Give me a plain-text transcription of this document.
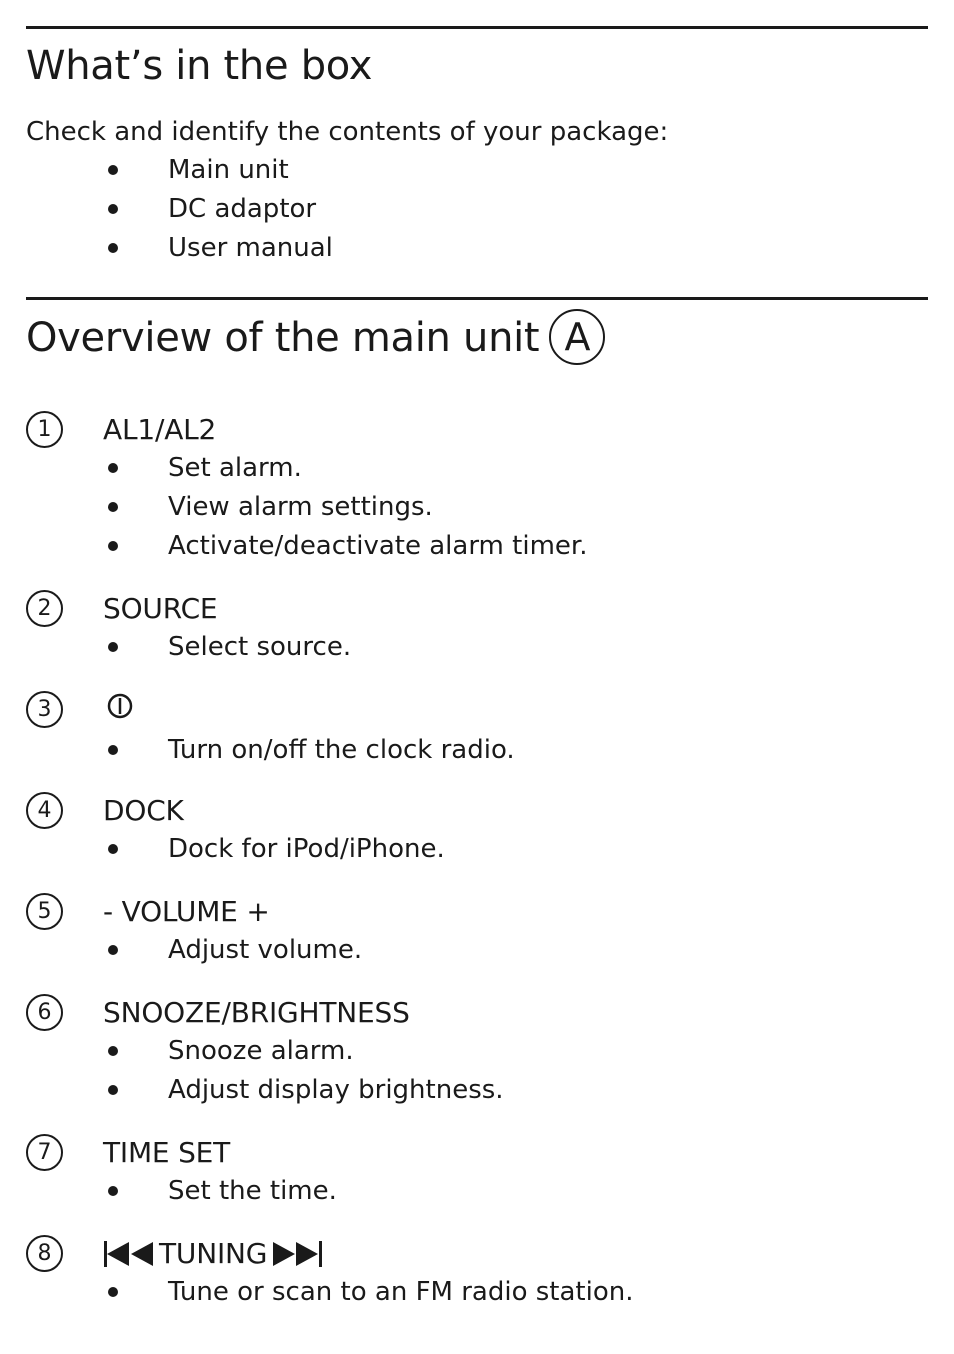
What’s in the box

Check and identify the contents of your package:

Main unit
DC adaptor
User manual
Overview of the main unit A
1	AL1/AL2
Set alarm.
View alarm settings.
Activate/deactivate alarm timer.
2	SOURCE
Select source.
3
Turn on/off the clock radio.
4	DOCK
Dock for iPod/iPhone.
5	- VOLUME +
Adjust volume.
6	SNOOZE/BRIGHTNESS
Snooze alarm.
Adjust display brightness.
7	TIME SET
Set the time.
8	TUNING
Tune or scan to an FM radio station.
